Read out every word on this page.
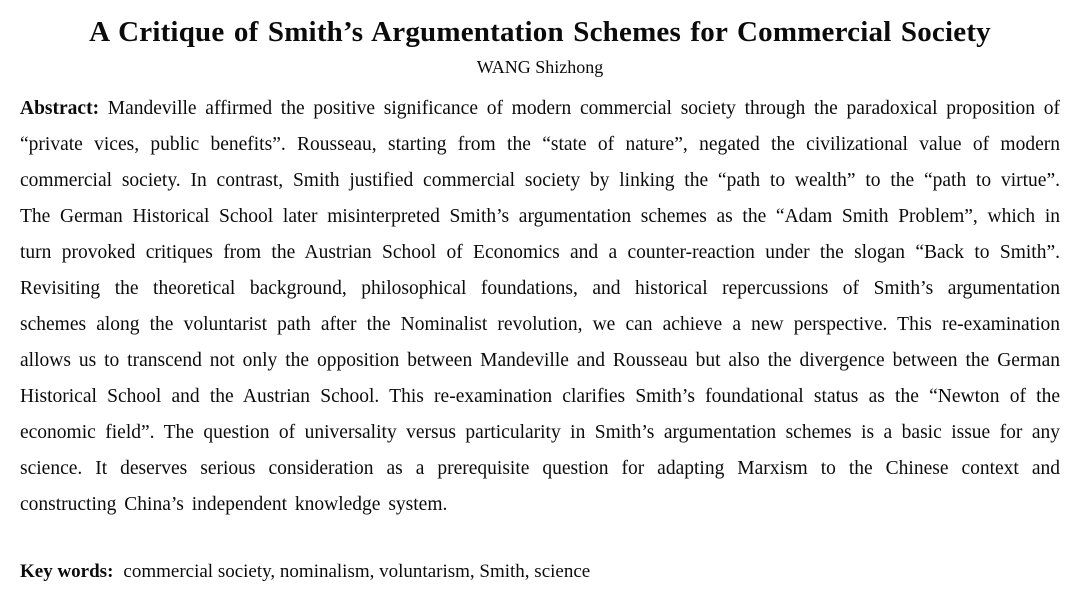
A Critique of Smith’s Argumentation Schemes for Commercial Society
WANG Shizhong

Abstract: Mandeville affirmed the positive significance of modern commercial society through the paradoxical proposition of “private vices, public benefits”. Rousseau, starting from the “state of nature”, negated the civilizational value of modern commercial society. In contrast, Smith justified commercial society by linking the “path to wealth” to the “path to virtue”. The German Historical School later misinterpreted Smith’s argumentation schemes as the “Adam Smith Problem”, which in turn provoked critiques from the Austrian School of Economics and a counter-reaction under the slogan “Back to Smith”. Revisiting the theoretical background, philosophical foundations, and historical repercussions of Smith’s argumentation schemes along the voluntarist path after the Nominalist revolution, we can achieve a new perspective. This re-examination allows us to transcend not only the opposition between Mandeville and Rousseau but also the divergence between the German Historical School and the Austrian School. This re-examination clarifies Smith’s foundational status as the “Newton of the economic field”. The question of universality versus particularity in Smith’s argumentation schemes is a basic issue for any science. It deserves serious consideration as a prerequisite question for adapting Marxism to the Chinese context and constructing China’s independent knowledge system.

Key words: commercial society, nominalism, voluntarism, Smith, science
